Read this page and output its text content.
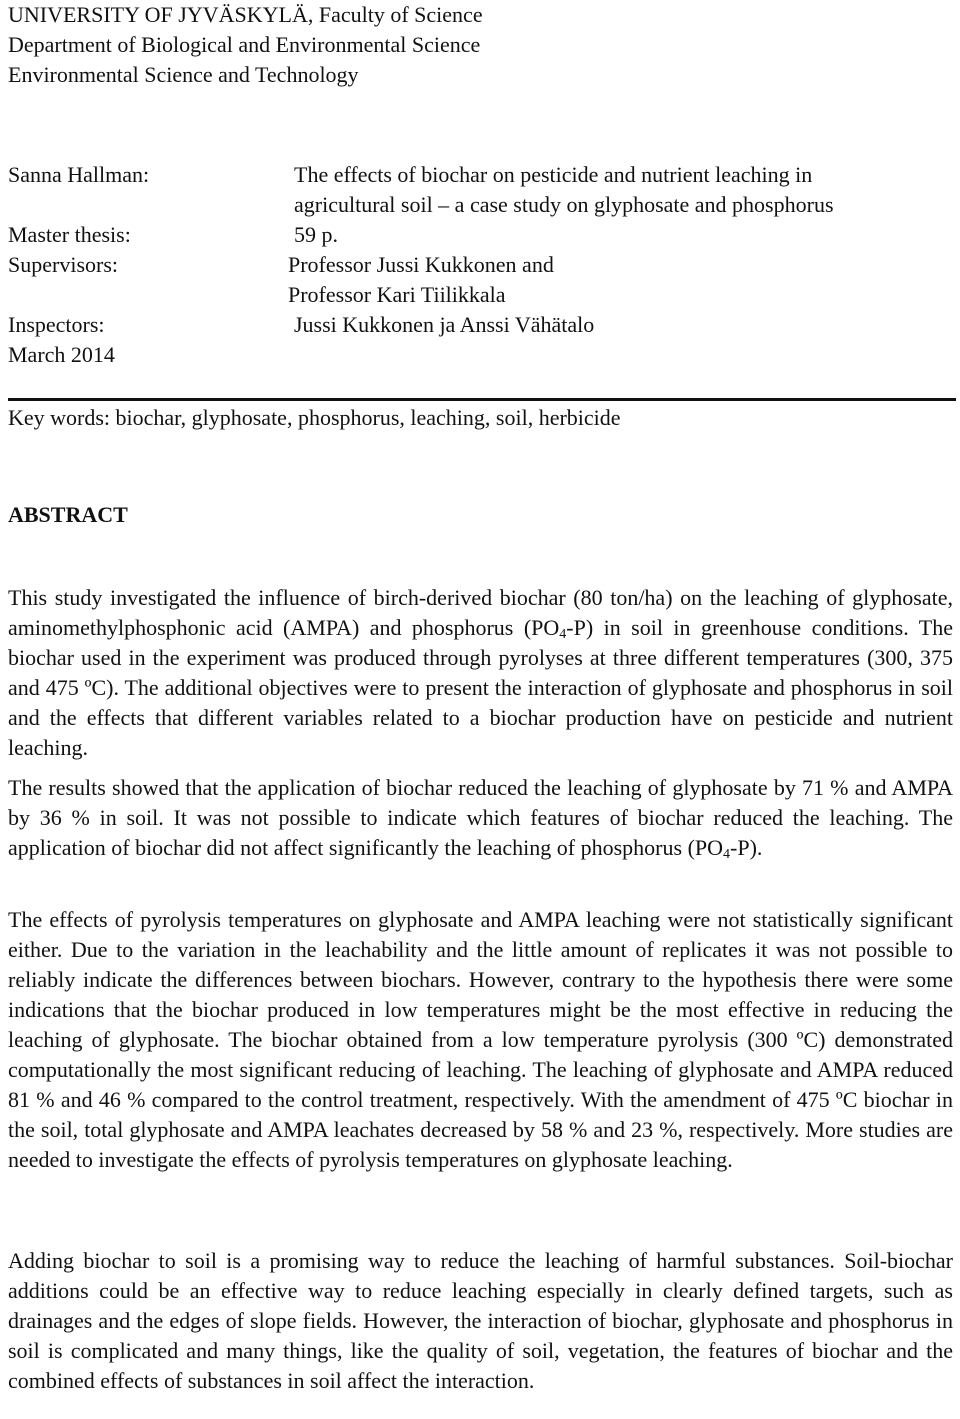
UNIVERSITY OF JYVÄSKYLÄ, Faculty of Science
Department of Biological and Environmental Science
Environmental Science and Technology
Sanna Hallman:	The effects of biochar on pesticide and nutrient leaching in
agricultural soil – a case study on glyphosate and phosphorus
Master thesis:	59 p.
Supervisors:	Professor Jussi Kukkonen and
Professor Kari Tiilikkala
Inspectors:	Jussi Kukkonen ja Anssi Vähätalo
March 2014
Key words: biochar, glyphosate, phosphorus, leaching, soil, herbicide
ABSTRACT

This study investigated the influence of birch-derived biochar (80 ton/ha) on the leaching of glyphosate, aminomethylphosphonic acid (AMPA) and phosphorus $(PO_4-P)$ in soil in greenhouse conditions. The biochar used in the experiment was produced through pyrolyses at three different temperatures (300, 375 and 475 ºC). The additional objectives were to present the interaction of glyphosate and phosphorus in soil and the effects that different variables related to a biochar production have on pesticide and nutrient leaching.

The results showed that the application of biochar reduced the leaching of glyphosate by 71 % and AMPA by 36 % in soil. It was not possible to indicate which features of biochar reduced the leaching. The application of biochar did not affect significantly the leaching of phosphorus $(PO_4-P)$.

The effects of pyrolysis temperatures on glyphosate and AMPA leaching were not statistically significant either. Due to the variation in the leachability and the little amount of replicates it was not possible to reliably indicate the differences between biochars. However, contrary to the hypothesis there were some indications that the biochar produced in low temperatures might be the most effective in reducing the leaching of glyphosate. The biochar obtained from a low temperature pyrolysis (300 ºC) demonstrated computationally the most significant reducing of leaching. The leaching of glyphosate and AMPA reduced 81 % and 46 % compared to the control treatment, respectively. With the amendment of 475 ºC biochar in the soil, total glyphosate and AMPA leachates decreased by 58 % and 23 %, respectively. More studies are needed to investigate the effects of pyrolysis temperatures on glyphosate leaching.

Adding biochar to soil is a promising way to reduce the leaching of harmful substances. Soil-biochar additions could be an effective way to reduce leaching especially in clearly defined targets, such as drainages and the edges of slope fields. However, the interaction of biochar, glyphosate and phosphorus in soil is complicated and many things, like the quality of soil, vegetation, the features of biochar and the combined effects of substances in soil affect the interaction.
